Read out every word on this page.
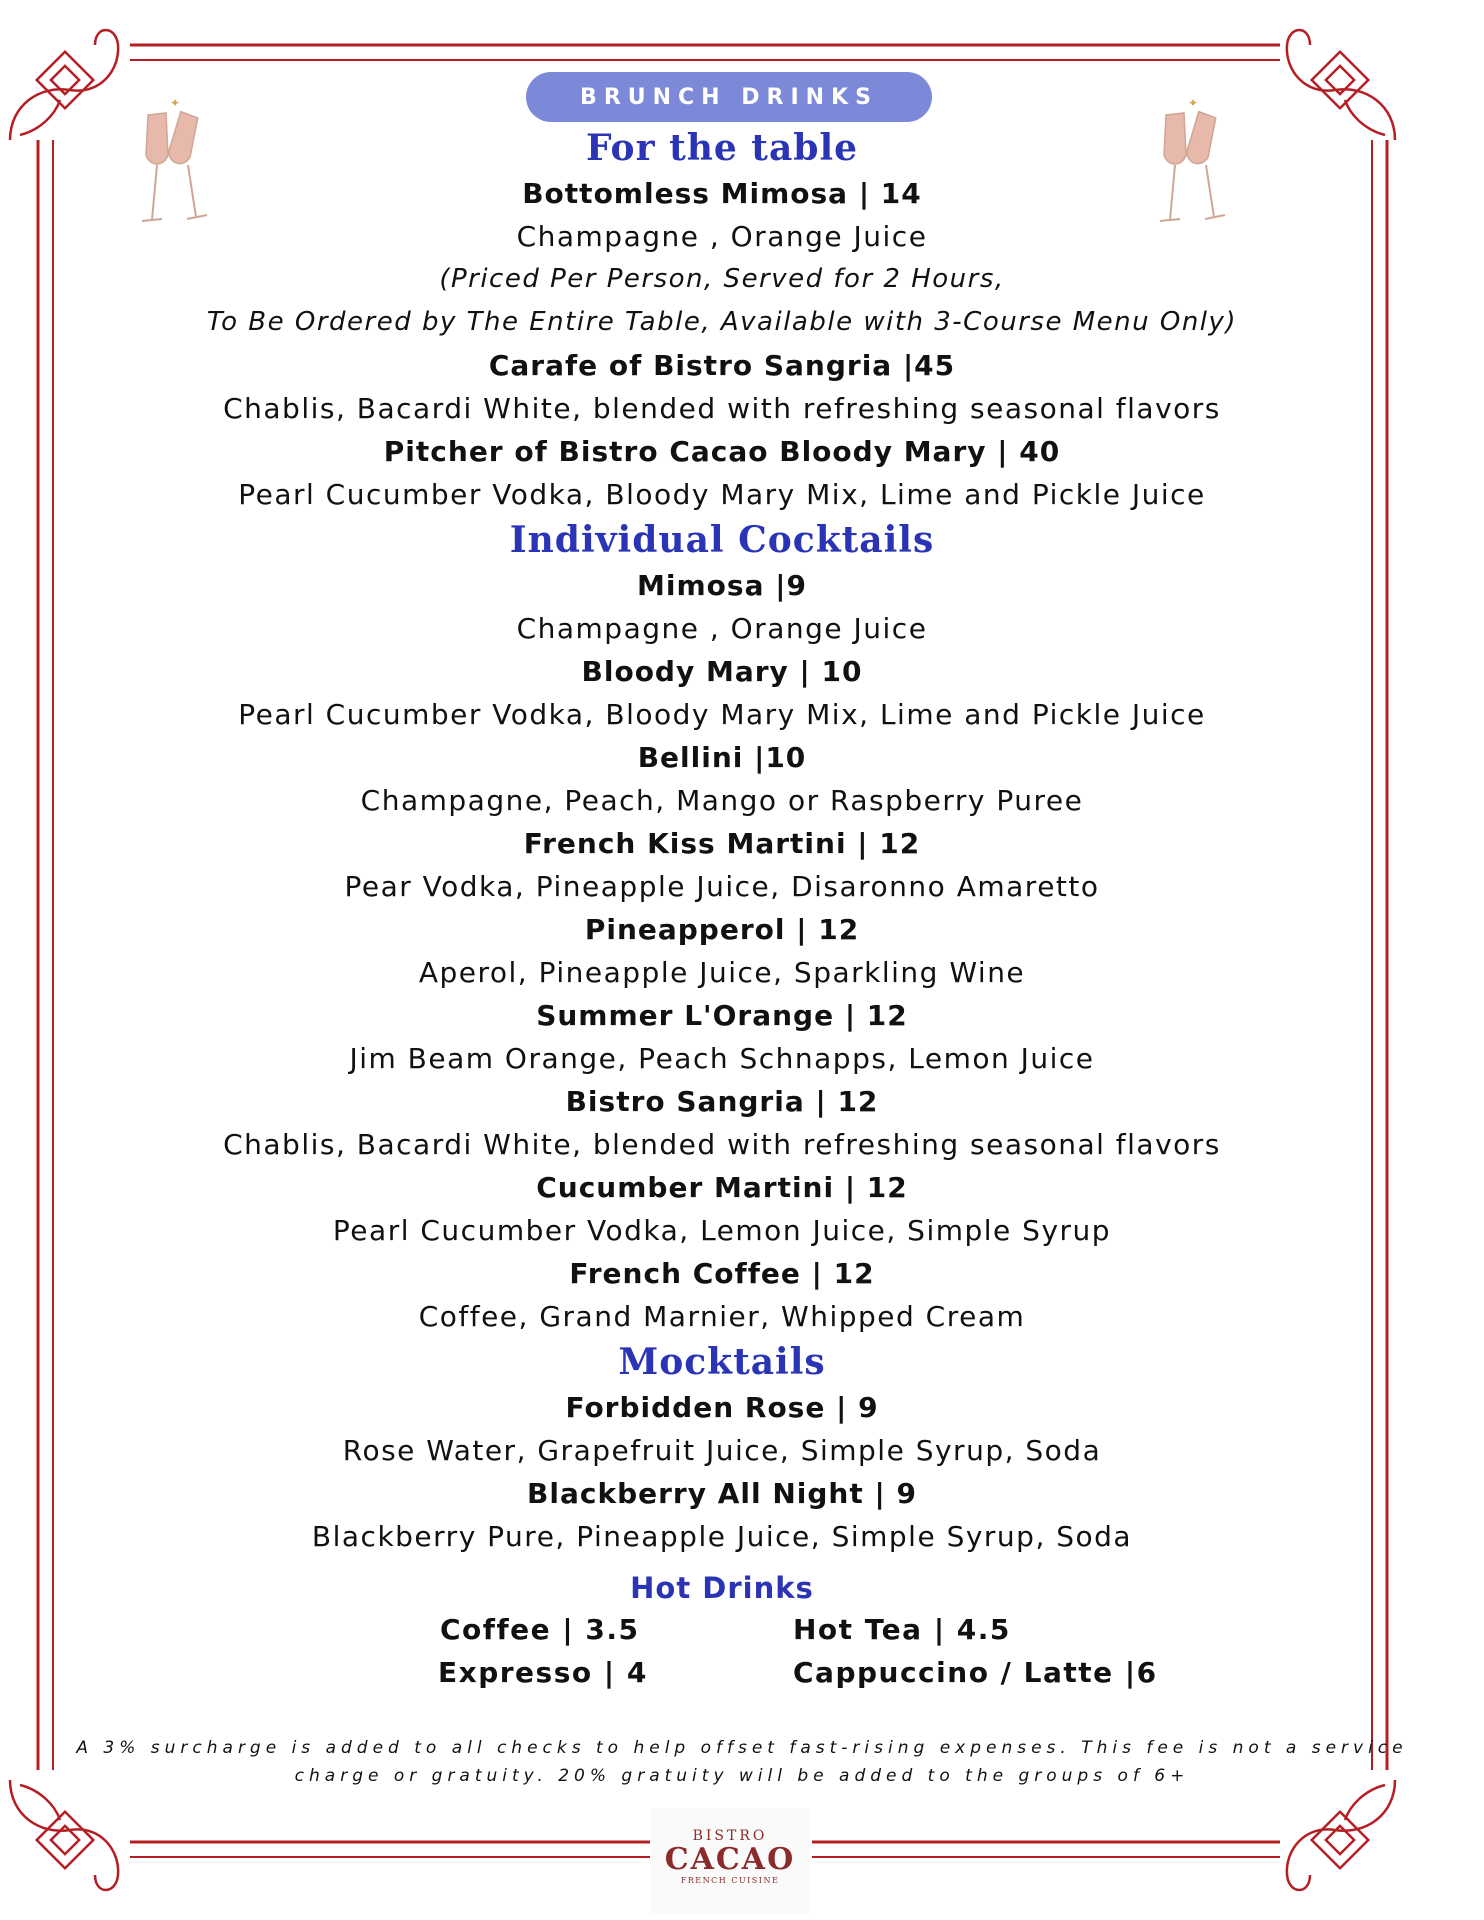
✦	✦
BRUNCH DRINKS
For the table
Bottomless Mimosa | 14
Champagne , Orange Juice
(Priced Per Person, Served for 2 Hours,
To Be Ordered by The Entire Table, Available with 3-Course Menu Only)
Carafe of Bistro Sangria |45
Chablis, Bacardi White, blended with refreshing seasonal flavors
Pitcher of Bistro Cacao Bloody Mary | 40
Pearl Cucumber Vodka, Bloody Mary Mix, Lime and Pickle Juice
Individual Cocktails
Mimosa |9
Champagne , Orange Juice
Bloody Mary | 10
Pearl Cucumber Vodka, Bloody Mary Mix, Lime and Pickle Juice
Bellini |10
Champagne, Peach, Mango or Raspberry Puree
French Kiss Martini | 12
Pear Vodka, Pineapple Juice, Disaronno Amaretto
Pineapperol | 12
Aperol, Pineapple Juice, Sparkling Wine
Summer L'Orange | 12
Jim Beam Orange, Peach Schnapps, Lemon Juice
Bistro Sangria | 12
Chablis, Bacardi White, blended with refreshing seasonal flavors
Cucumber Martini | 12
Pearl Cucumber Vodka, Lemon Juice, Simple Syrup
French Coffee | 12
Coffee, Grand Marnier, Whipped Cream
Mocktails
Forbidden Rose | 9
Rose Water, Grapefruit Juice, Simple Syrup, Soda
Blackberry All Night | 9
Blackberry Pure, Pineapple Juice, Simple Syrup, Soda
Hot Drinks
Coffee | 3.5	Hot Tea | 4.5
Expresso | 4	Cappuccino / Latte |6
A 3% surcharge is added to all checks to help offset fast-rising expenses. This fee is not a service
charge or gratuity. 20% gratuity will be added to the groups of 6+
BISTRO
CACAO
FRENCH CUISINE
